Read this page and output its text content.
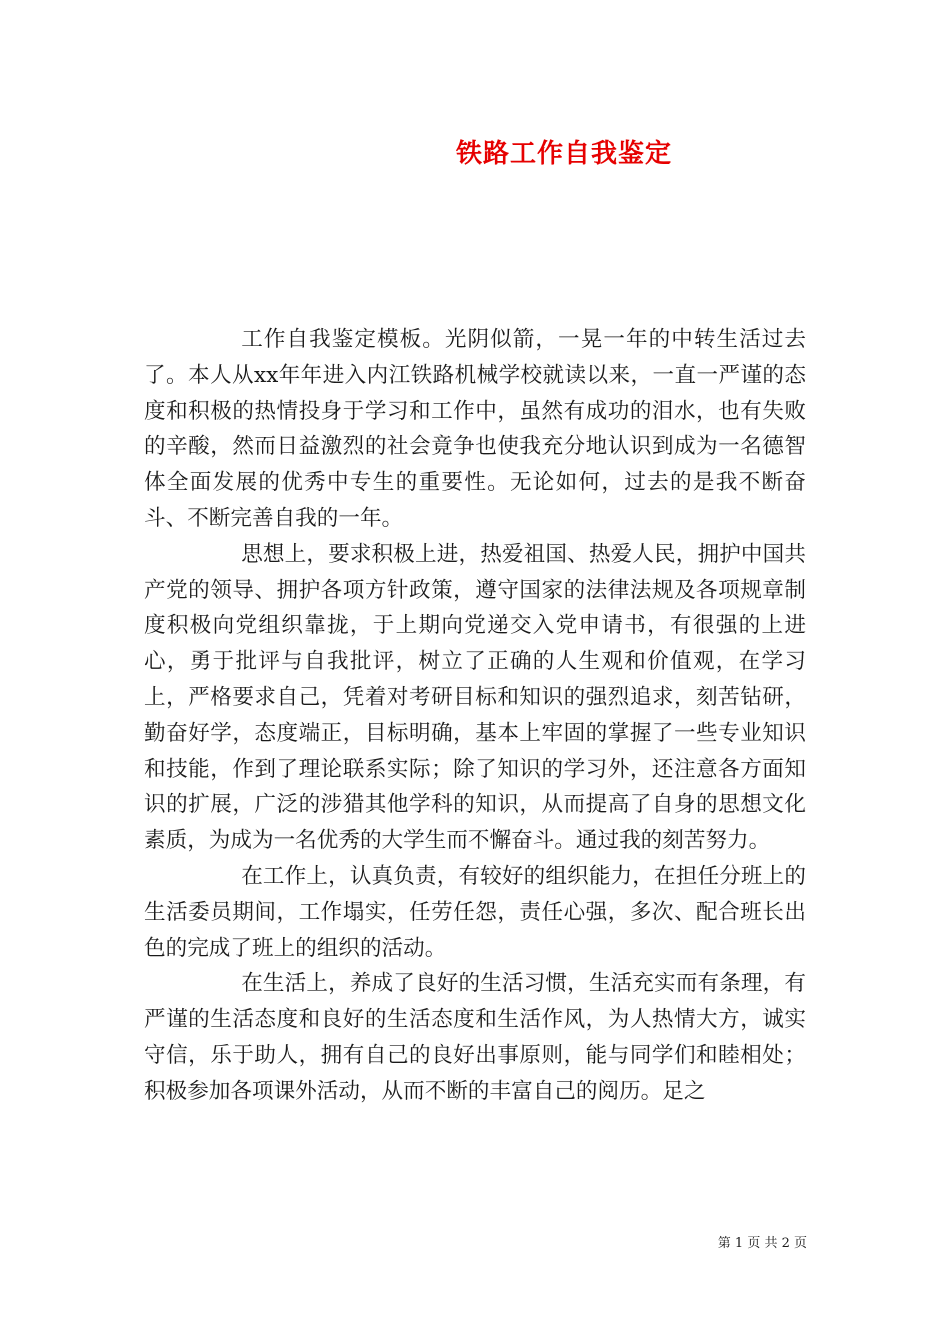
铁路工作自我鉴定

工作自我鉴定模板。光阴似箭，一晃一年的中转生活过去了。本人从xx年年进入内江铁路机械学校就读以来，一直一严谨的态度和积极的热情投身于学习和工作中，虽然有成功的泪水，也有失败的辛酸，然而日益激烈的社会竟争也使我充分地认识到成为一名德智体全面发展的优秀中专生的重要性。无论如何，过去的是我不断奋斗、不断完善自我的一年。

思想上，要求积极上进，热爱祖国、热爱人民，拥护中国共产党的领导、拥护各项方针政策，遵守国家的法律法规及各项规章制度积极向党组织靠拢，于上期向党递交入党申请书，有很强的上进心，勇于批评与自我批评，树立了正确的人生观和价值观，在学习上，严格要求自己，凭着对考研目标和知识的强烈追求，刻苦钻研，勤奋好学，态度端正，目标明确，基本上牢固的掌握了一些专业知识和技能，作到了理论联系实际；除了知识的学习外，还注意各方面知识的扩展，广泛的涉猎其他学科的知识，从而提高了自身的思想文化素质，为成为一名优秀的大学生而不懈奋斗。通过我的刻苦努力。

在工作上，认真负责，有较好的组织能力，在担任分班上的生活委员期间，工作塌实，任劳任怨，责任心强，多次、配合班长出色的完成了班上的组织的活动。

在生活上，养成了良好的生活习惯，生活充实而有条理，有严谨的生活态度和良好的生活态度和生活作风，为人热情大方，诚实守信，乐于助人，拥有自己的良好出事原则，能与同学们和睦相处；积极参加各项课外活动，从而不断的丰富自己的阅历。足之

第 1 页 共 2 页
